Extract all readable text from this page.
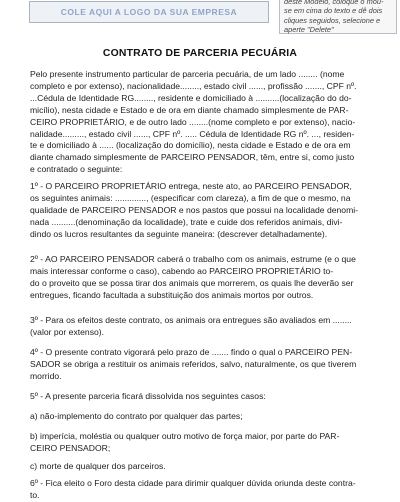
COLE AQUI A LOGO DA SUA EMPRESA
deste Modelo, coloque o mou-
se em cima do texto e dê dois
cliques seguidos, selecione e
aperte "Delete"
CONTRATO DE PARCERIA PECUÁRIA
Pelo presente instrumento particular de parceria pecuária, de um lado ........ (nome
completo e por extenso), nacionalidade........, estado civil ......, profissão ......., CPF nº.
...Cédula de Identidade RG........, residente e domiciliado à ..........(localização do do-
micílio), nesta cidade e Estado e de ora em diante chamado simplesmente de PAR-
CEIRO PROPRIETÁRIO, e de outro lado ........(nome completo e por extenso), nacio-
nalidade........., estado civil ......, CPF nº. ..... Cédula de Identidade RG nº. ..., residen-
te e domiciliado à ...... (localização do domicílio), nesta cidade e Estado e de ora em
diante chamado simplesmente de PARCEIRO PENSADOR, têm, entre si, como justo
e contratado o seguinte:
1º - O PARCEIRO PROPRIETÁRIO entrega, neste ato, ao PARCEIRO PENSADOR,
os seguintes animais: ............., (especificar com clareza), a fim de que o mesmo, na
qualidade de PARCEIRO PENSADOR e nos pastos que possui na localidade denomi-
nada ..........(denominação da localidade), trate e cuide dos referidos animais, divi-
dindo os lucros resultantes da seguinte maneira: (descrever detalhadamente).
2º - AO PARCEIRO PENSADOR caberá o trabalho com os animais, estrume (e o que
mais interessar conforme o caso), cabendo ao PARCEIRO PROPRIETÁRIO to-
do o proveito que se possa tirar dos animais que morrerem, os quais lhe deverão ser
entregues, ficando facultada a substituição dos animais mortos por outros.
3º - Para os efeitos deste contrato, os animais ora entregues são avaliados em ........
(valor por extenso).
4º - O presente contrato vigorará pelo prazo de ....... findo o qual o PARCEIRO PEN-
SADOR se obriga a restituir os animais referidos, salvo, naturalmente, os que tiverem
morrido.
5º - A presente parceria ficará dissolvida nos seguintes casos:
a) não-implemento do contrato por qualquer das partes;
b) imperícia, moléstia ou qualquer outro motivo de força maior, por parte do PAR-
CEIRO PENSADOR;
c) morte de qualquer dos parceiros.
6º - Fica eleito o Foro desta cidade para dirimir qualquer dúvida oriunda deste contra-
to.
